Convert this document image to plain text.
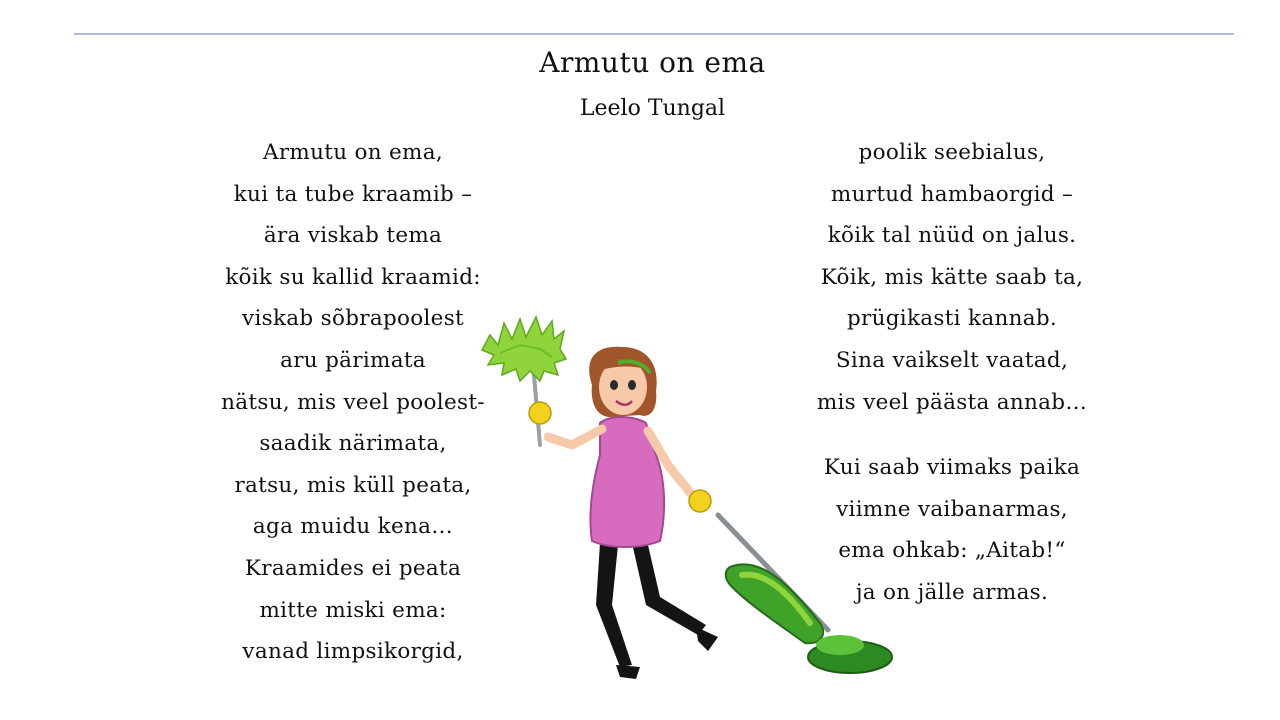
Armutu on ema
Leelo Tungal
Armutu on ema,
kui ta tube kraamib –
ära viskab tema
kõik su kallid kraamid:
viskab sõbrapoolest
aru pärimata
nätsu, mis veel poolest-
saadik närimata,
ratsu, mis küll peata,
aga muidu kena…
Kraamides ei peata
mitte miski ema:
vanad limpsikorgid,
poolik seebialus,
murtud hambaorgid –
kõik tal nüüd on jalus.
Kõik, mis kätte saab ta,
prügikasti kannab.
Sina vaikselt vaatad,
mis veel päästa annab…
Kui saab viimaks paika
viimne vaibanarmas,
ema ohkab: „Aitab!“
ja on jälle armas.
